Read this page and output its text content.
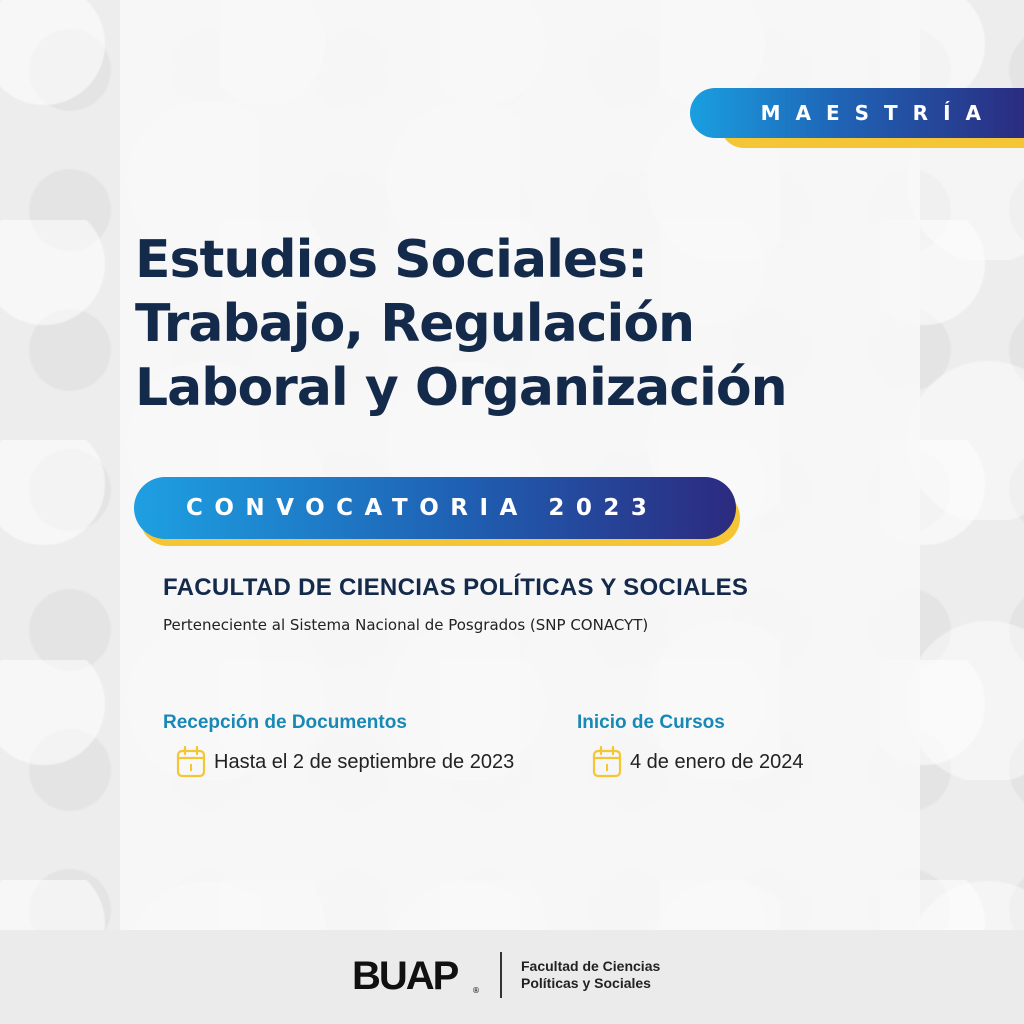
MAESTRÍA
Estudios Sociales:
Trabajo, Regulación
Laboral y Organización
CONVOCATORIA 2023
FACULTAD DE CIENCIAS POLÍTICAS Y SOCIALES
Perteneciente al Sistema Nacional de Posgrados (SNP CONACYT)
Recepción de Documentos
Hasta el 2 de septiembre de 2023
Inicio de Cursos
4 de enero de 2024
BUAP ®
Facultad de Ciencias
Políticas y Sociales
